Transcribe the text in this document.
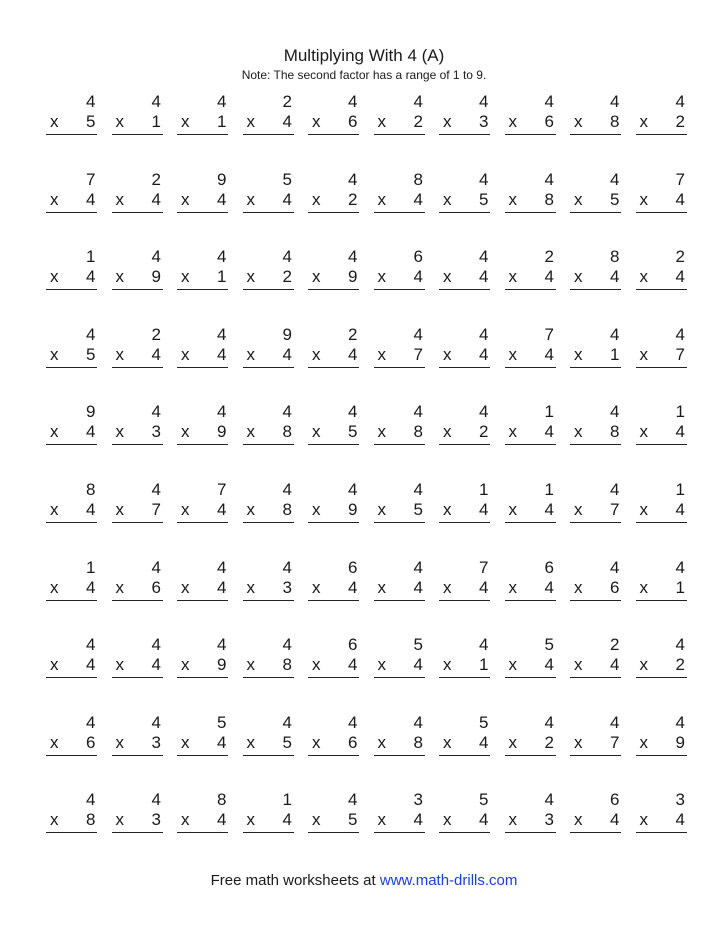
Multiplying With 4 (A)
Note: The second factor has a range of 1 to 9.
4
x 5
4
x 1
4
x 1
2
x 4
4
x 6
4
x 2
4
x 3
4
x 6
4
x 8
4
x 2
7
x 4
2
x 4
9
x 4
5
x 4
4
x 2
8
x 4
4
x 5
4
x 8
4
x 5
7
x 4
1
x 4
4
x 9
4
x 1
4
x 2
4
x 9
6
x 4
4
x 4
2
x 4
8
x 4
2
x 4
4
x 5
2
x 4
4
x 4
9
x 4
2
x 4
4
x 7
4
x 4
7
x 4
4
x 1
4
x 7
9
x 4
4
x 3
4
x 9
4
x 8
4
x 5
4
x 8
4
x 2
1
x 4
4
x 8
1
x 4
8
x 4
4
x 7
7
x 4
4
x 8
4
x 9
4
x 5
1
x 4
1
x 4
4
x 7
1
x 4
1
x 4
4
x 6
4
x 4
4
x 3
6
x 4
4
x 4
7
x 4
6
x 4
4
x 6
4
x 1
4
x 4
4
x 4
4
x 9
4
x 8
6
x 4
5
x 4
4
x 1
5
x 4
2
x 4
4
x 2
4
x 6
4
x 3
5
x 4
4
x 5
4
x 6
4
x 8
5
x 4
4
x 2
4
x 7
4
x 9
4
x 8
4
x 3
8
x 4
1
x 4
4
x 5
3
x 4
5
x 4
4
x 3
6
x 4
3
x 4
Free math worksheets at www.math-drills.com
